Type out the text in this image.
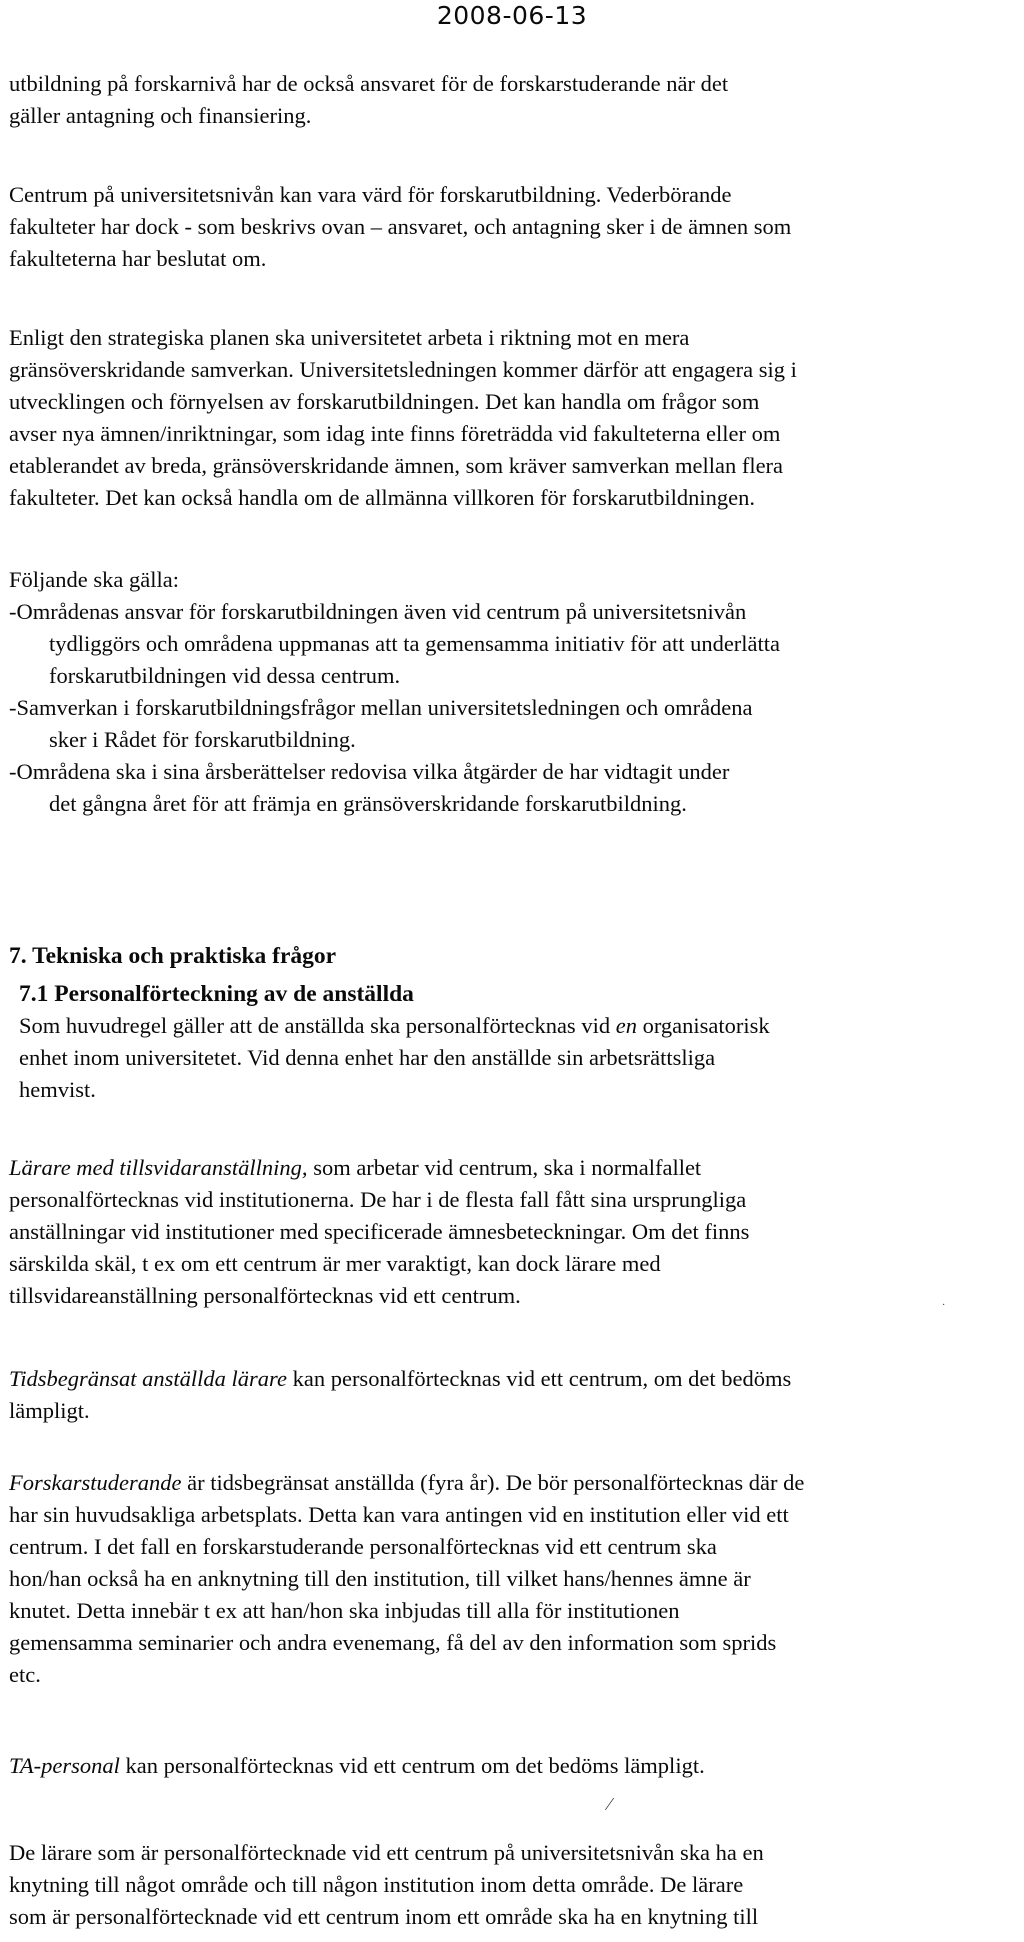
2008-06-13
utbildning på forskarnivå har de också ansvaret för de forskarstuderande när det
gäller antagning och finansiering.
Centrum på universitetsnivån kan vara värd för forskarutbildning. Vederbörande
fakulteter har dock - som beskrivs ovan – ansvaret, och antagning sker i de ämnen som
fakulteterna har beslutat om.
Enligt den strategiska planen ska universitetet arbeta i riktning mot en mera
gränsöverskridande samverkan. Universitetsledningen kommer därför att engagera sig i
utvecklingen och förnyelsen av forskarutbildningen. Det kan handla om frågor som
avser nya ämnen/inriktningar, som idag inte finns företrädda vid fakulteterna eller om
etablerandet av breda, gränsöverskridande ämnen, som kräver samverkan mellan flera
fakulteter. Det kan också handla om de allmänna villkoren för forskarutbildningen.
Följande ska gälla:
-Områdenas ansvar för forskarutbildningen även vid centrum på universitetsnivån
tydliggörs och områdena uppmanas att ta gemensamma initiativ för att underlätta
forskarutbildningen vid dessa centrum.
-Samverkan i forskarutbildningsfrågor mellan universitetsledningen och områdena
sker i Rådet för forskarutbildning.
-Områdena ska i sina årsberättelser redovisa vilka åtgärder de har vidtagit under
det gångna året för att främja en gränsöverskridande forskarutbildning.
7. Tekniska och praktiska frågor
7.1 Personalförteckning av de anställda
Som huvudregel gäller att de anställda ska personalförtecknas vid en organisatorisk
enhet inom universitetet. Vid denna enhet har den anställde sin arbetsrättsliga
hemvist.
Lärare med tillsvidaranställning, som arbetar vid centrum, ska i normalfallet
personalförtecknas vid institutionerna. De har i de flesta fall fått sina ursprungliga
anställningar vid institutioner med specificerade ämnesbeteckningar. Om det finns
särskilda skäl, t ex om ett centrum är mer varaktigt, kan dock lärare med
tillsvidareanställning personalförtecknas vid ett centrum.
Tidsbegränsat anställda lärare kan personalförtecknas vid ett centrum, om det bedöms
lämpligt.
Forskarstuderande är tidsbegränsat anställda (fyra år). De bör personalförtecknas där de
har sin huvudsakliga arbetsplats. Detta kan vara antingen vid en institution eller vid ett
centrum. I det fall en forskarstuderande personalförtecknas vid ett centrum ska
hon/han också ha en anknytning till den institution, till vilket hans/hennes ämne är
knutet. Detta innebär t ex att han/hon ska inbjudas till alla för institutionen
gemensamma seminarier och andra evenemang, få del av den information som sprids
etc.
TA-personal kan personalförtecknas vid ett centrum om det bedöms lämpligt.
De lärare som är personalförtecknade vid ett centrum på universitetsnivån ska ha en
knytning till något område och till någon institution inom detta område. De lärare
som är personalförtecknade vid ett centrum inom ett område ska ha en knytning till
⁄
·
